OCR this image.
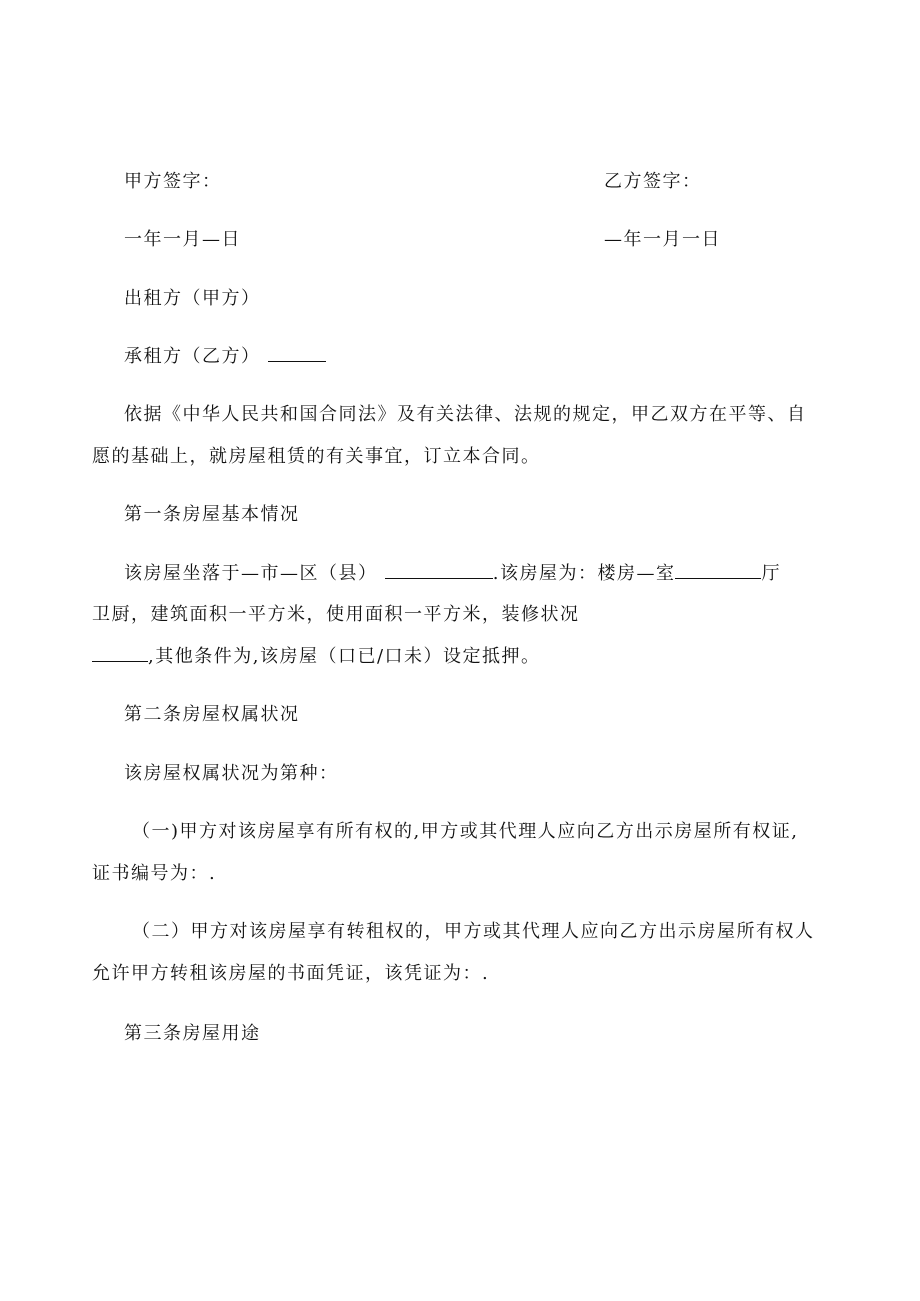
甲方签字：	乙方签字：
一年一月—日	—年一月一日
出租方（甲方）
承租方（乙方）
依据《中华人民共和国合同法》及有关法律、法规的规定，甲乙双方在平等、自
愿的基础上，就房屋租赁的有关事宜，订立本合同。
第一条房屋基本情况
该房屋坐落于—市—区（县）	.该房屋为：楼房—室	厅
卫厨，建筑面积一平方米，使用面积一平方米，装修状况
,其他条件为,该房屋（口已/口未）设定抵押。
第二条房屋权属状况
该房屋权属状况为第种：
（一)甲方对该房屋享有所有权的,甲方或其代理人应向乙方出示房屋所有权证,
证书编号为：.
（二）甲方对该房屋享有转租权的，甲方或其代理人应向乙方出示房屋所有权人
允许甲方转租该房屋的书面凭证，该凭证为：.
第三条房屋用途
